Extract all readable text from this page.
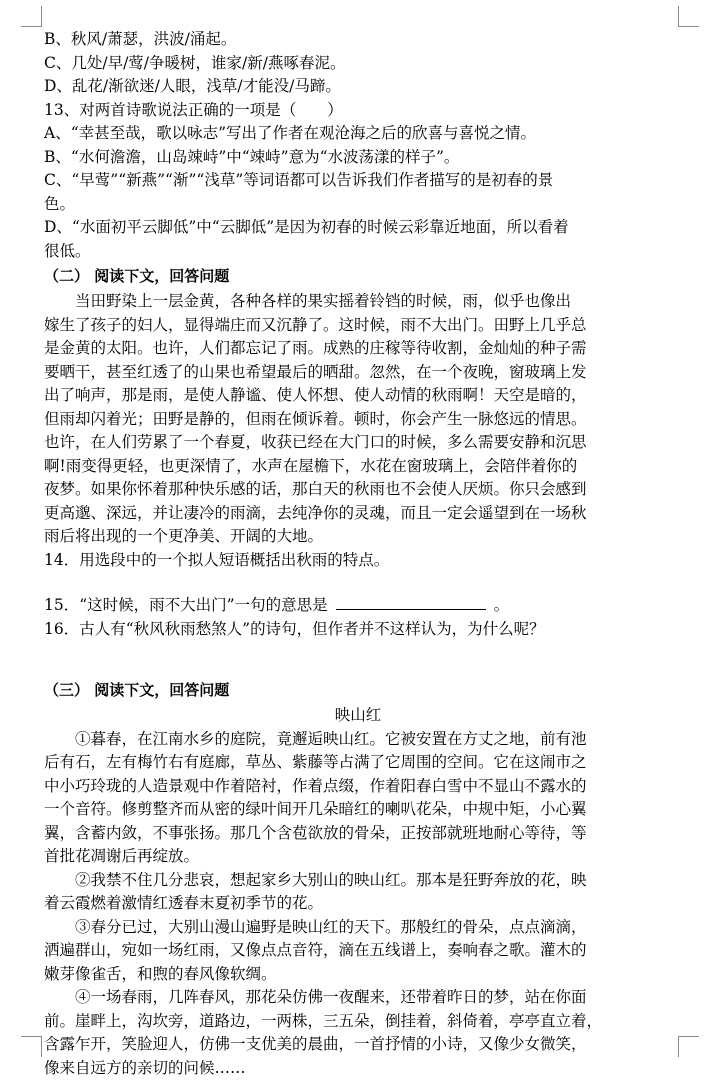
B、秋风/萧瑟，洪波/涌起。
C、几处/早/莺/争暖树，谁家/新/燕啄春泥。
D、乱花/渐欲迷/人眼，浅草/才能没/马蹄。
13、对两首诗歌说法正确的一项是（　　）
A、“幸甚至哉，歌以咏志”写出了作者在观沧海之后的欣喜与喜悦之情。
B、“水何澹澹，山岛竦峙”中“竦峙”意为“水波荡漾的样子”。
C、“早莺”“新燕”“渐”“浅草”等词语都可以告诉我们作者描写的是初春的景
色。
D、“水面初平云脚低”中“云脚低”是因为初春的时候云彩靠近地面，所以看着
很低。
（二） 阅读下文，回答问题
当田野染上一层金黄，各种各样的果实摇着铃铛的时候，雨，似乎也像出
嫁生了孩子的妇人，显得端庄而又沉静了。这时候，雨不大出门。田野上几乎总
是金黄的太阳。也许，人们都忘记了雨。成熟的庄稼等待收割，金灿灿的种子需
要晒干，甚至红透了的山果也希望最后的晒甜。忽然，在一个夜晚，窗玻璃上发
出了响声，那是雨，是使人静谧、使人怀想、使人动情的秋雨啊！天空是暗的，
但雨却闪着光；田野是静的，但雨在倾诉着。顿时，你会产生一脉悠远的情思。
也许，在人们劳累了一个春夏，收获已经在大门口的时候，多么需要安静和沉思
啊!雨变得更轻，也更深情了，水声在屋檐下，水花在窗玻璃上，会陪伴着你的
夜梦。如果你怀着那种快乐感的话，那白天的秋雨也不会使人厌烦。你只会感到
更高邈、深远，并让凄冷的雨滴，去纯净你的灵魂，而且一定会遥望到在一场秋
雨后将出现的一个更净美、开阔的大地。
14．用选段中的一个拟人短语概括出秋雨的特点。
15．“这时候，雨不大出门”一句的意思是	。
16．古人有“秋风秋雨愁煞人”的诗句，但作者并不这样认为，为什么呢？
（三） 阅读下文，回答问题
映山红
①暮春，在江南水乡的庭院，竟邂逅映山红。它被安置在方丈之地，前有池
后有石，左有梅竹右有庭廊，草丛、紫藤等占满了它周围的空间。它在这闹市之
中小巧玲珑的人造景观中作着陪衬，作着点缀，作着阳春白雪中不显山不露水的
一个音符。修剪整齐而从密的绿叶间开几朵暗红的喇叭花朵，中规中矩，小心翼
翼，含蓄内敛，不事张扬。那几个含苞欲放的骨朵，正按部就班地耐心等待，等
首批花凋谢后再绽放。
②我禁不住几分悲哀，想起家乡大别山的映山红。那本是狂野奔放的花，映
着云霞燃着激情红透春末夏初季节的花。
③春分已过，大别山漫山遍野是映山红的天下。那般红的骨朵，点点滴滴，
洒遍群山，宛如一场红雨，又像点点音符，滴在五线谱上，奏响春之歌。灌木的
嫩芽像雀舌，和煦的春风像软绸。
④一场春雨，几阵春风，那花朵仿佛一夜醒来，还带着昨日的梦，站在你面
前。崖畔上，沟坎旁，道路边，一两株，三五朵，倒挂着，斜倚着，亭亭直立着，
含露乍开，笑脸迎人，仿佛一支优美的晨曲，一首抒情的小诗，又像少女微笑，
像来自远方的亲切的问候……
